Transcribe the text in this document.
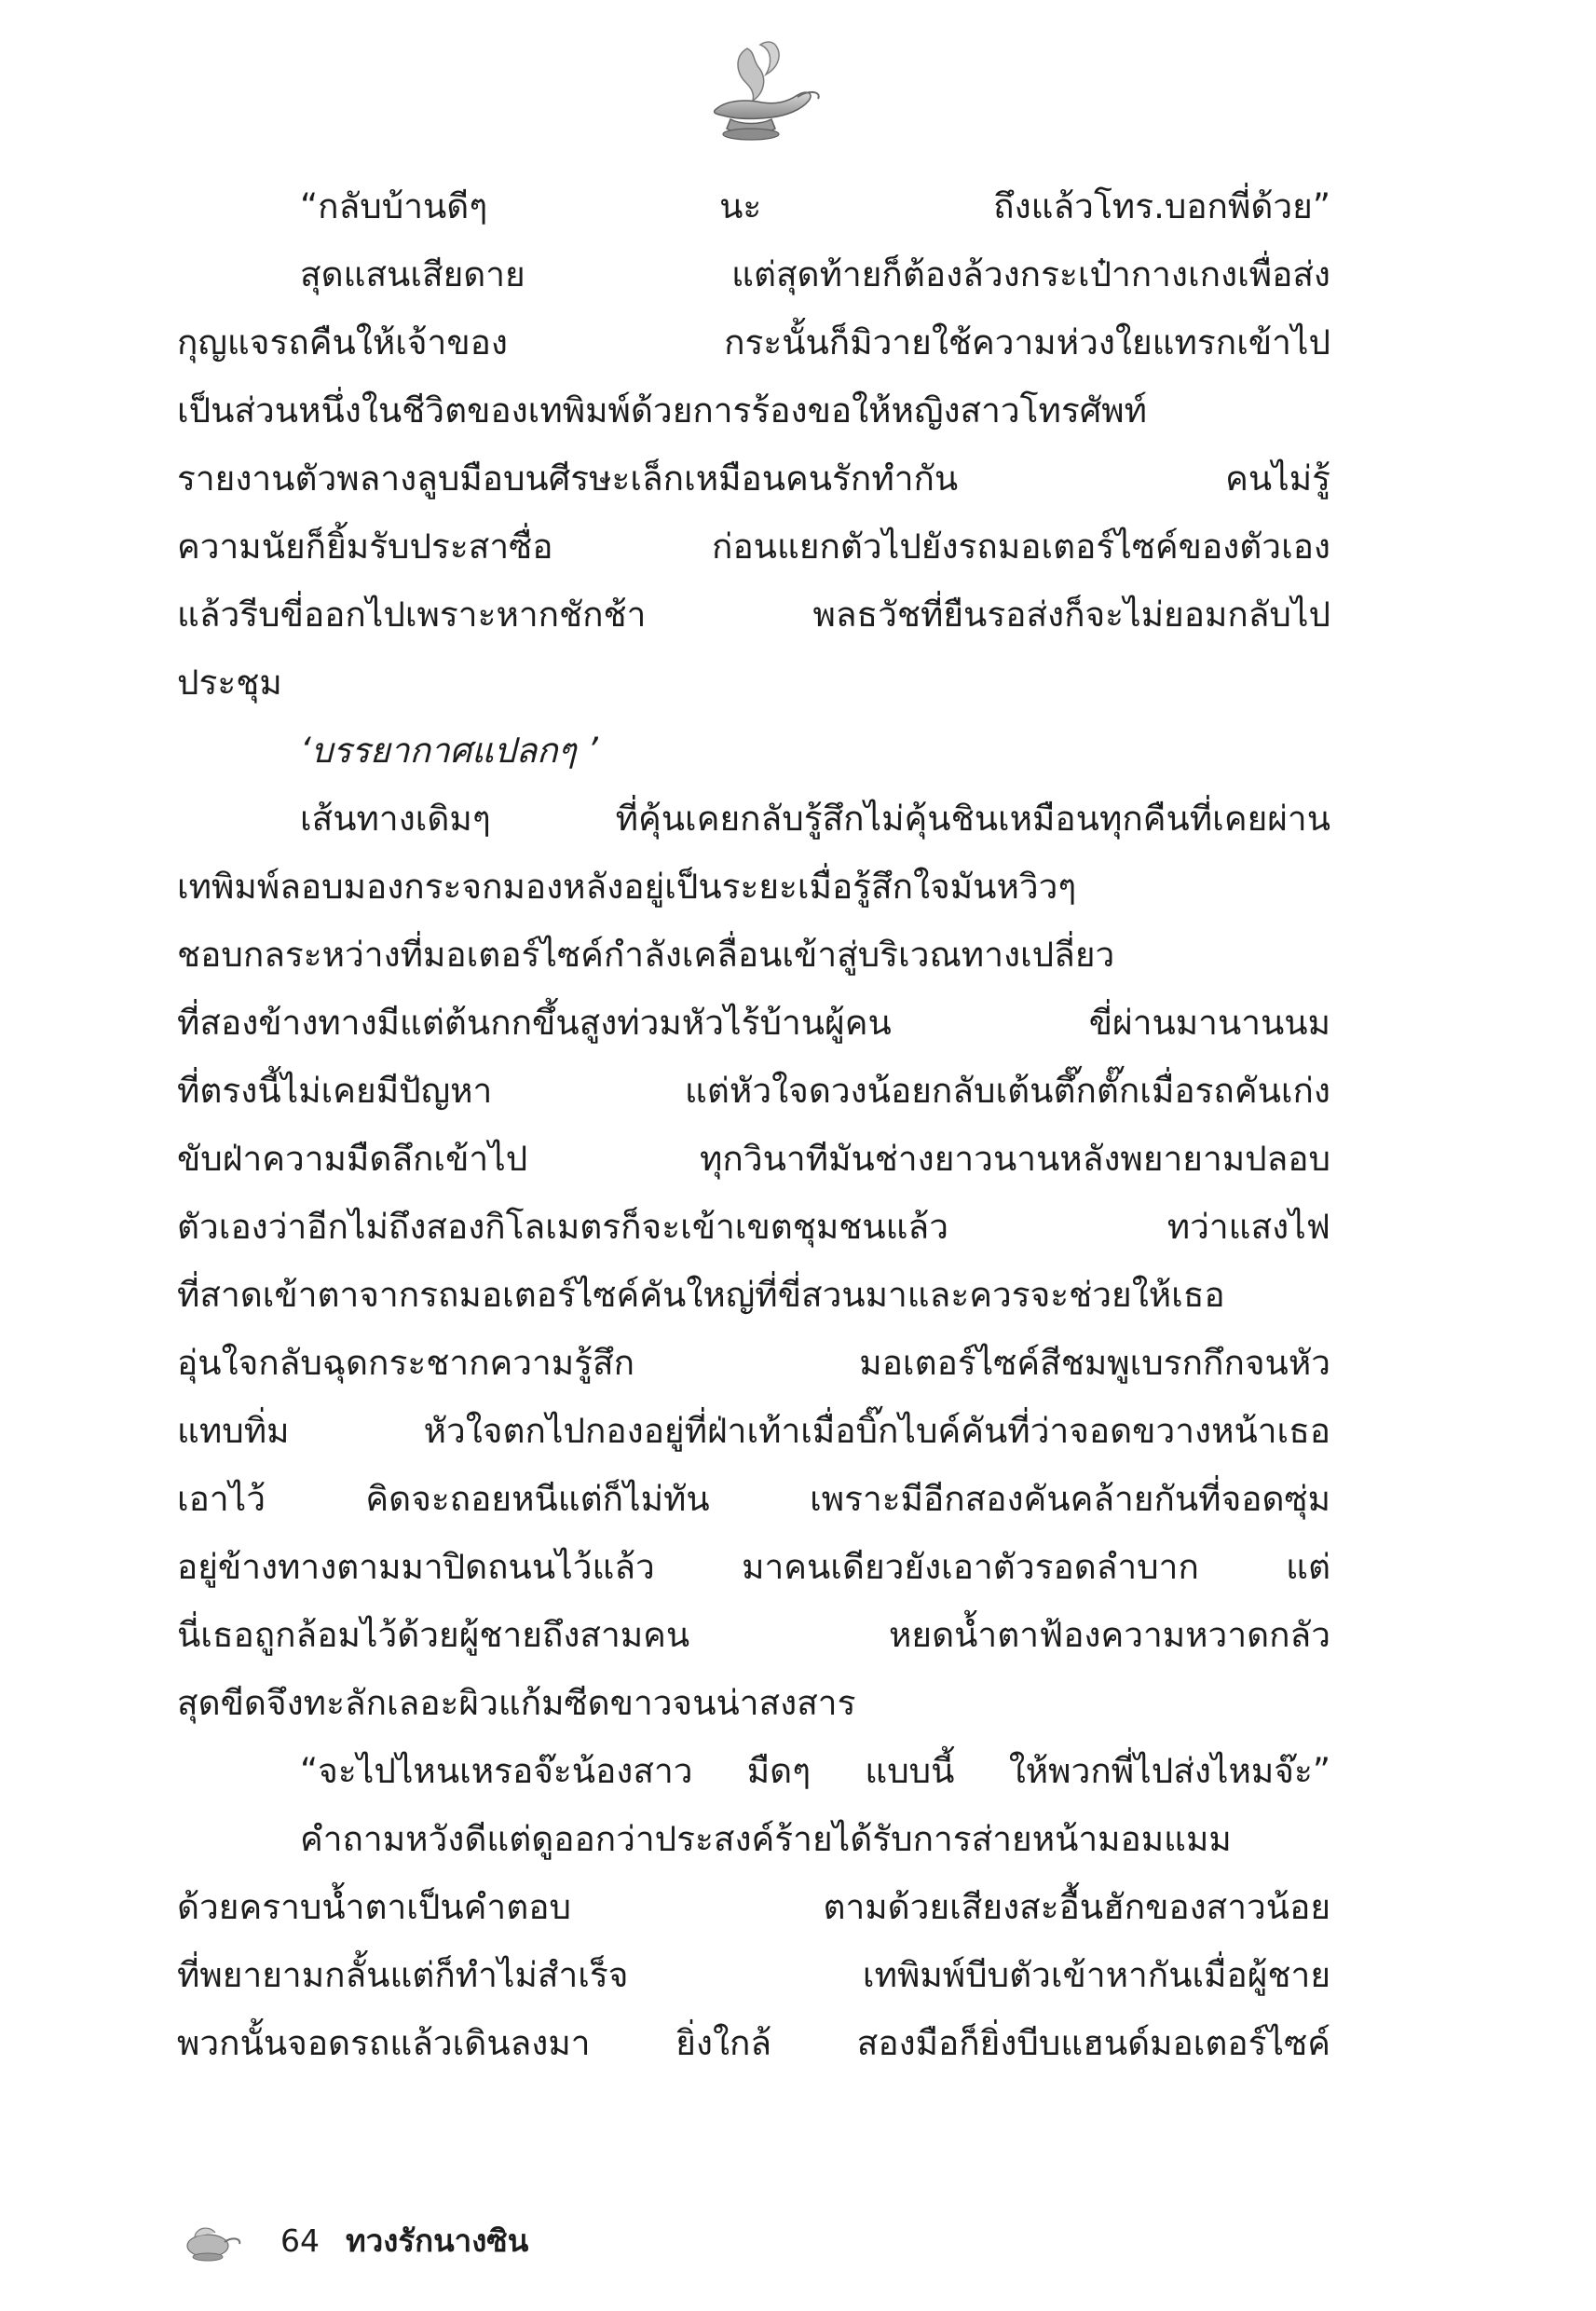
“กลับบ้านดีๆ นะ ถึงแล้วโทร.บอกพี่ด้วย”
สุดแสนเสียดาย แต่สุดท้ายก็ต้องล้วงกระเป๋ากางเกงเพื่อส่ง
กุญแจรถคืนให้เจ้าของ กระนั้นก็มิวายใช้ความห่วงใยแทรกเข้าไป
เป็นส่วนหนึ่งในชีวิตของเทพิมพ์ด้วยการร้องขอให้หญิงสาวโทรศัพท์
รายงานตัวพลางลูบมือบนศีรษะเล็กเหมือนคนรักทำกัน คนไม่รู้
ความนัยก็ยิ้มรับประสาซื่อ ก่อนแยกตัวไปยังรถมอเตอร์ไซค์ของตัวเอง
แล้วรีบขี่ออกไปเพราะหากชักช้า พลธวัชที่ยืนรอส่งก็จะไม่ยอมกลับไป
ประชุม
‘บรรยากาศแปลกๆ ’
เส้นทางเดิมๆ ที่คุ้นเคยกลับรู้สึกไม่คุ้นชินเหมือนทุกคืนที่เคยผ่าน
เทพิมพ์ลอบมองกระจกมองหลังอยู่เป็นระยะเมื่อรู้สึกใจมันหวิวๆ
ชอบกลระหว่างที่มอเตอร์ไซค์กำลังเคลื่อนเข้าสู่บริเวณทางเปลี่ยว
ที่สองข้างทางมีแต่ต้นกกขึ้นสูงท่วมหัวไร้บ้านผู้คน ขี่ผ่านมานานนม
ที่ตรงนี้ไม่เคยมีปัญหา แต่หัวใจดวงน้อยกลับเต้นตึ๊กตั๊กเมื่อรถคันเก่ง
ขับฝ่าความมืดลึกเข้าไป ทุกวินาทีมันช่างยาวนานหลังพยายามปลอบ
ตัวเองว่าอีกไม่ถึงสองกิโลเมตรก็จะเข้าเขตชุมชนแล้ว ทว่าแสงไฟ
ที่สาดเข้าตาจากรถมอเตอร์ไซค์คันใหญ่ที่ขี่สวนมาและควรจะช่วยให้เธอ
อุ่นใจกลับฉุดกระชากความรู้สึก มอเตอร์ไซค์สีชมพูเบรกกึกจนหัว
แทบทิ่ม หัวใจตกไปกองอยู่ที่ฝ่าเท้าเมื่อบิ๊กไบค์คันที่ว่าจอดขวางหน้าเธอ
เอาไว้ คิดจะถอยหนีแต่ก็ไม่ทัน เพราะมีอีกสองคันคล้ายกันที่จอดซุ่ม
อยู่ข้างทางตามมาปิดถนนไว้แล้ว มาคนเดียวยังเอาตัวรอดลำบาก แต่
นี่เธอถูกล้อมไว้ด้วยผู้ชายถึงสามคน หยดน้ำตาฟ้องความหวาดกลัว
สุดขีดจึงทะลักเลอะผิวแก้มซีดขาวจนน่าสงสาร
“จะไปไหนเหรอจ๊ะน้องสาว มืดๆ แบบนี้ ให้พวกพี่ไปส่งไหมจ๊ะ”
คำถามหวังดีแต่ดูออกว่าประสงค์ร้ายได้รับการส่ายหน้ามอมแมม
ด้วยคราบน้ำตาเป็นคำตอบ ตามด้วยเสียงสะอื้นฮักของสาวน้อย
ที่พยายามกลั้นแต่ก็ทำไม่สำเร็จ เทพิมพ์บีบตัวเข้าหากันเมื่อผู้ชาย
พวกนั้นจอดรถแล้วเดินลงมา ยิ่งใกล้ สองมือก็ยิ่งบีบแฮนด์มอเตอร์ไซค์
64 ทวงรักนางซิน
